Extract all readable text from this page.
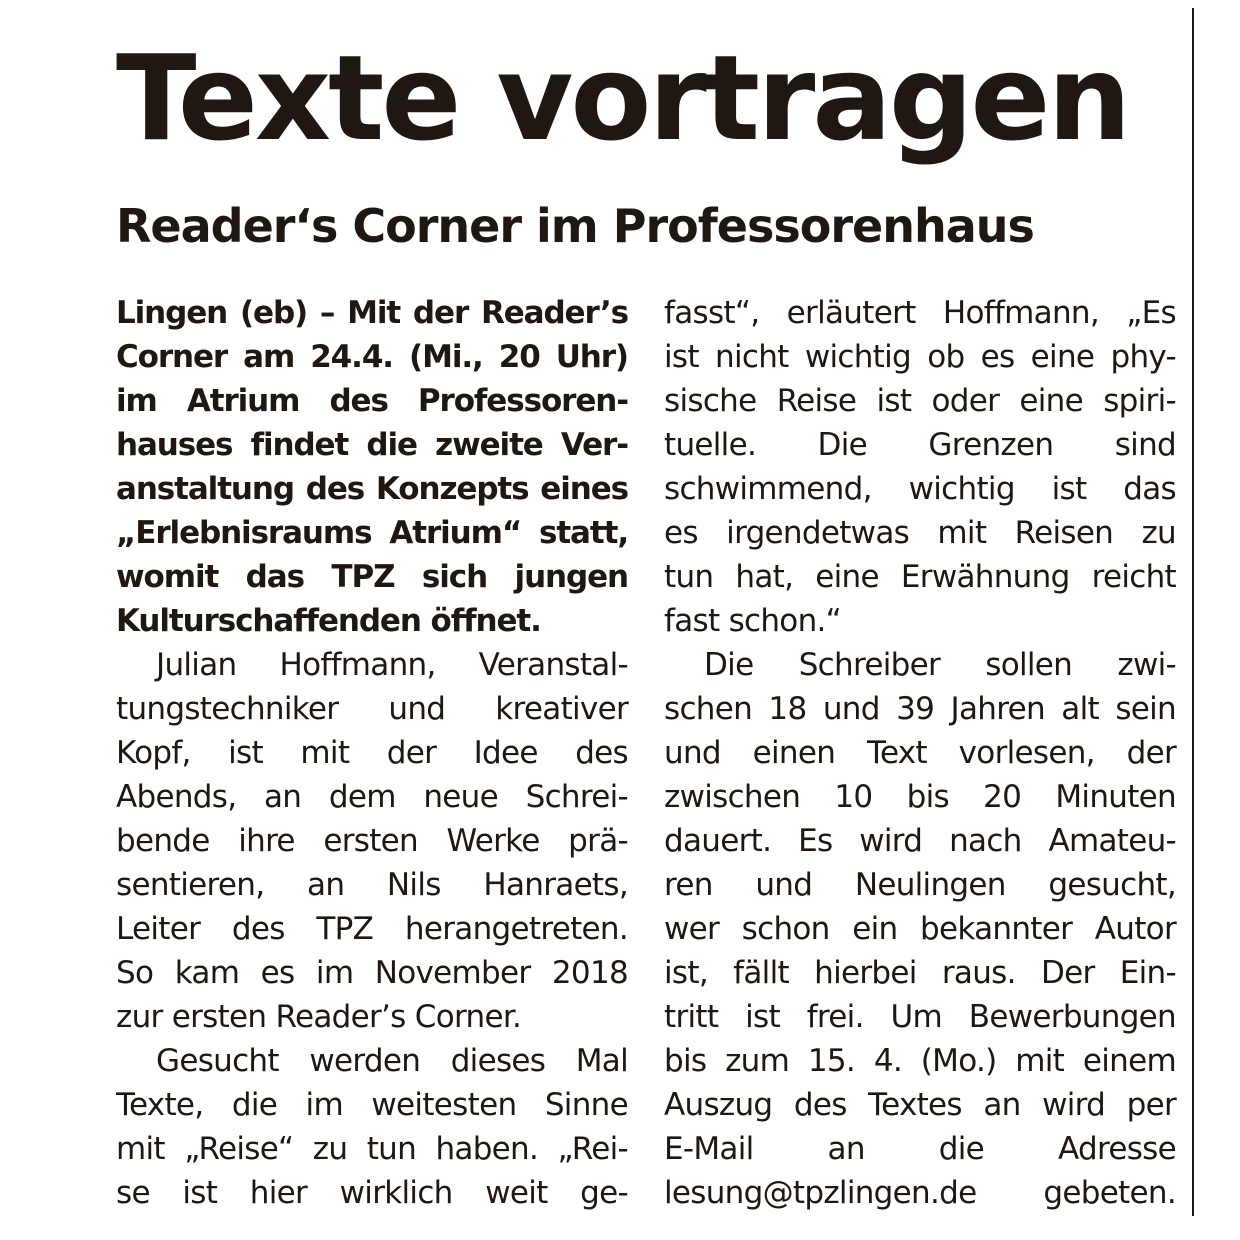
Texte vortragen
Reader‘s Corner im Professorenhaus
Lingen (eb) – Mit der Reader’s
Corner am 24.4. (Mi., 20 Uhr)
im Atrium des Professoren-
hauses findet die zweite Ver-
anstaltung des Konzepts eines
„Erlebnisraums Atrium“ statt,
womit das TPZ sich jungen
Kulturschaffenden öffnet.
Julian Hoffmann, Veranstal-
tungstechniker und kreativer
Kopf, ist mit der Idee des
Abends, an dem neue Schrei-
bende ihre ersten Werke prä-
sentieren, an Nils Hanraets,
Leiter des TPZ herangetreten.
So kam es im November 2018
zur ersten Reader’s Corner.
Gesucht werden dieses Mal
Texte, die im weitesten Sinne
mit „Reise“ zu tun haben. „Rei-
se ist hier wirklich weit ge-
fasst“, erläutert Hoffmann, „Es
ist nicht wichtig ob es eine phy-
sische Reise ist oder eine spiri-
tuelle. Die Grenzen sind
schwimmend, wichtig ist das
es irgendetwas mit Reisen zu
tun hat, eine Erwähnung reicht
fast schon.“
Die Schreiber sollen zwi-
schen 18 und 39 Jahren alt sein
und einen Text vorlesen, der
zwischen 10 bis 20 Minuten
dauert. Es wird nach Amateu-
ren und Neulingen gesucht,
wer schon ein bekannter Autor
ist, fällt hierbei raus. Der Ein-
tritt ist frei. Um Bewerbungen
bis zum 15. 4. (Mo.) mit einem
Auszug des Textes an wird per
E-Mail an die Adresse
lesung@tpzlingen.de gebeten.
